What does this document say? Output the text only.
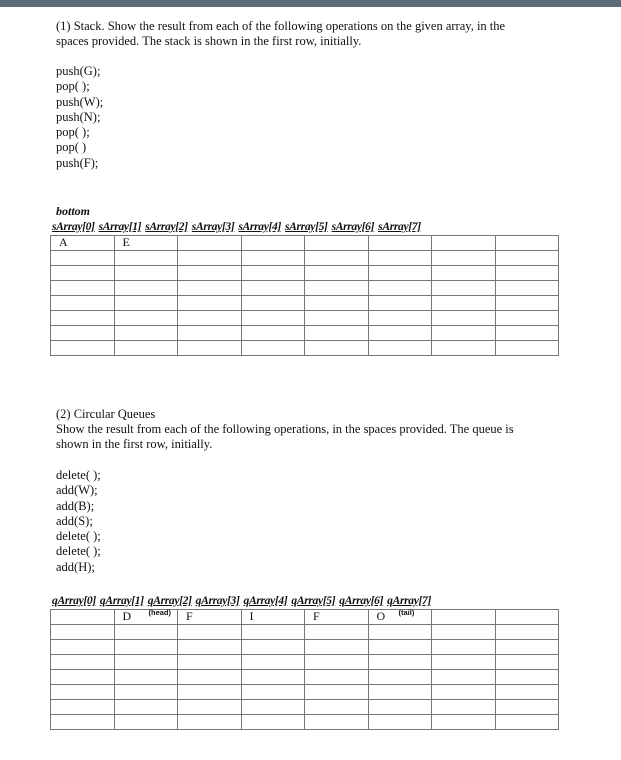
(1) Stack. Show the result from each of the following operations on the given array, in the
spaces provided. The stack is shown in the first row, initially.
push(G);
pop( );
push(W);
push(N);
pop( );
pop( )
push(F);
bottom
sArray[0] sArray[1] sArray[2] sArray[3] sArray[4] sArray[5] sArray[6] sArray[7]
A	E						

(2) Circular Queues
Show the result from each of the following operations, in the spaces provided. The queue is
shown in the first row, initially.
delete( );
add(W);
add(B);
add(S);
delete( );
delete( );
add(H);
qArray[0] qArray[1] qArray[2] qArray[3] qArray[4] qArray[5] qArray[6] qArray[7]
	D (head)	F	I	F	O (tail)		
